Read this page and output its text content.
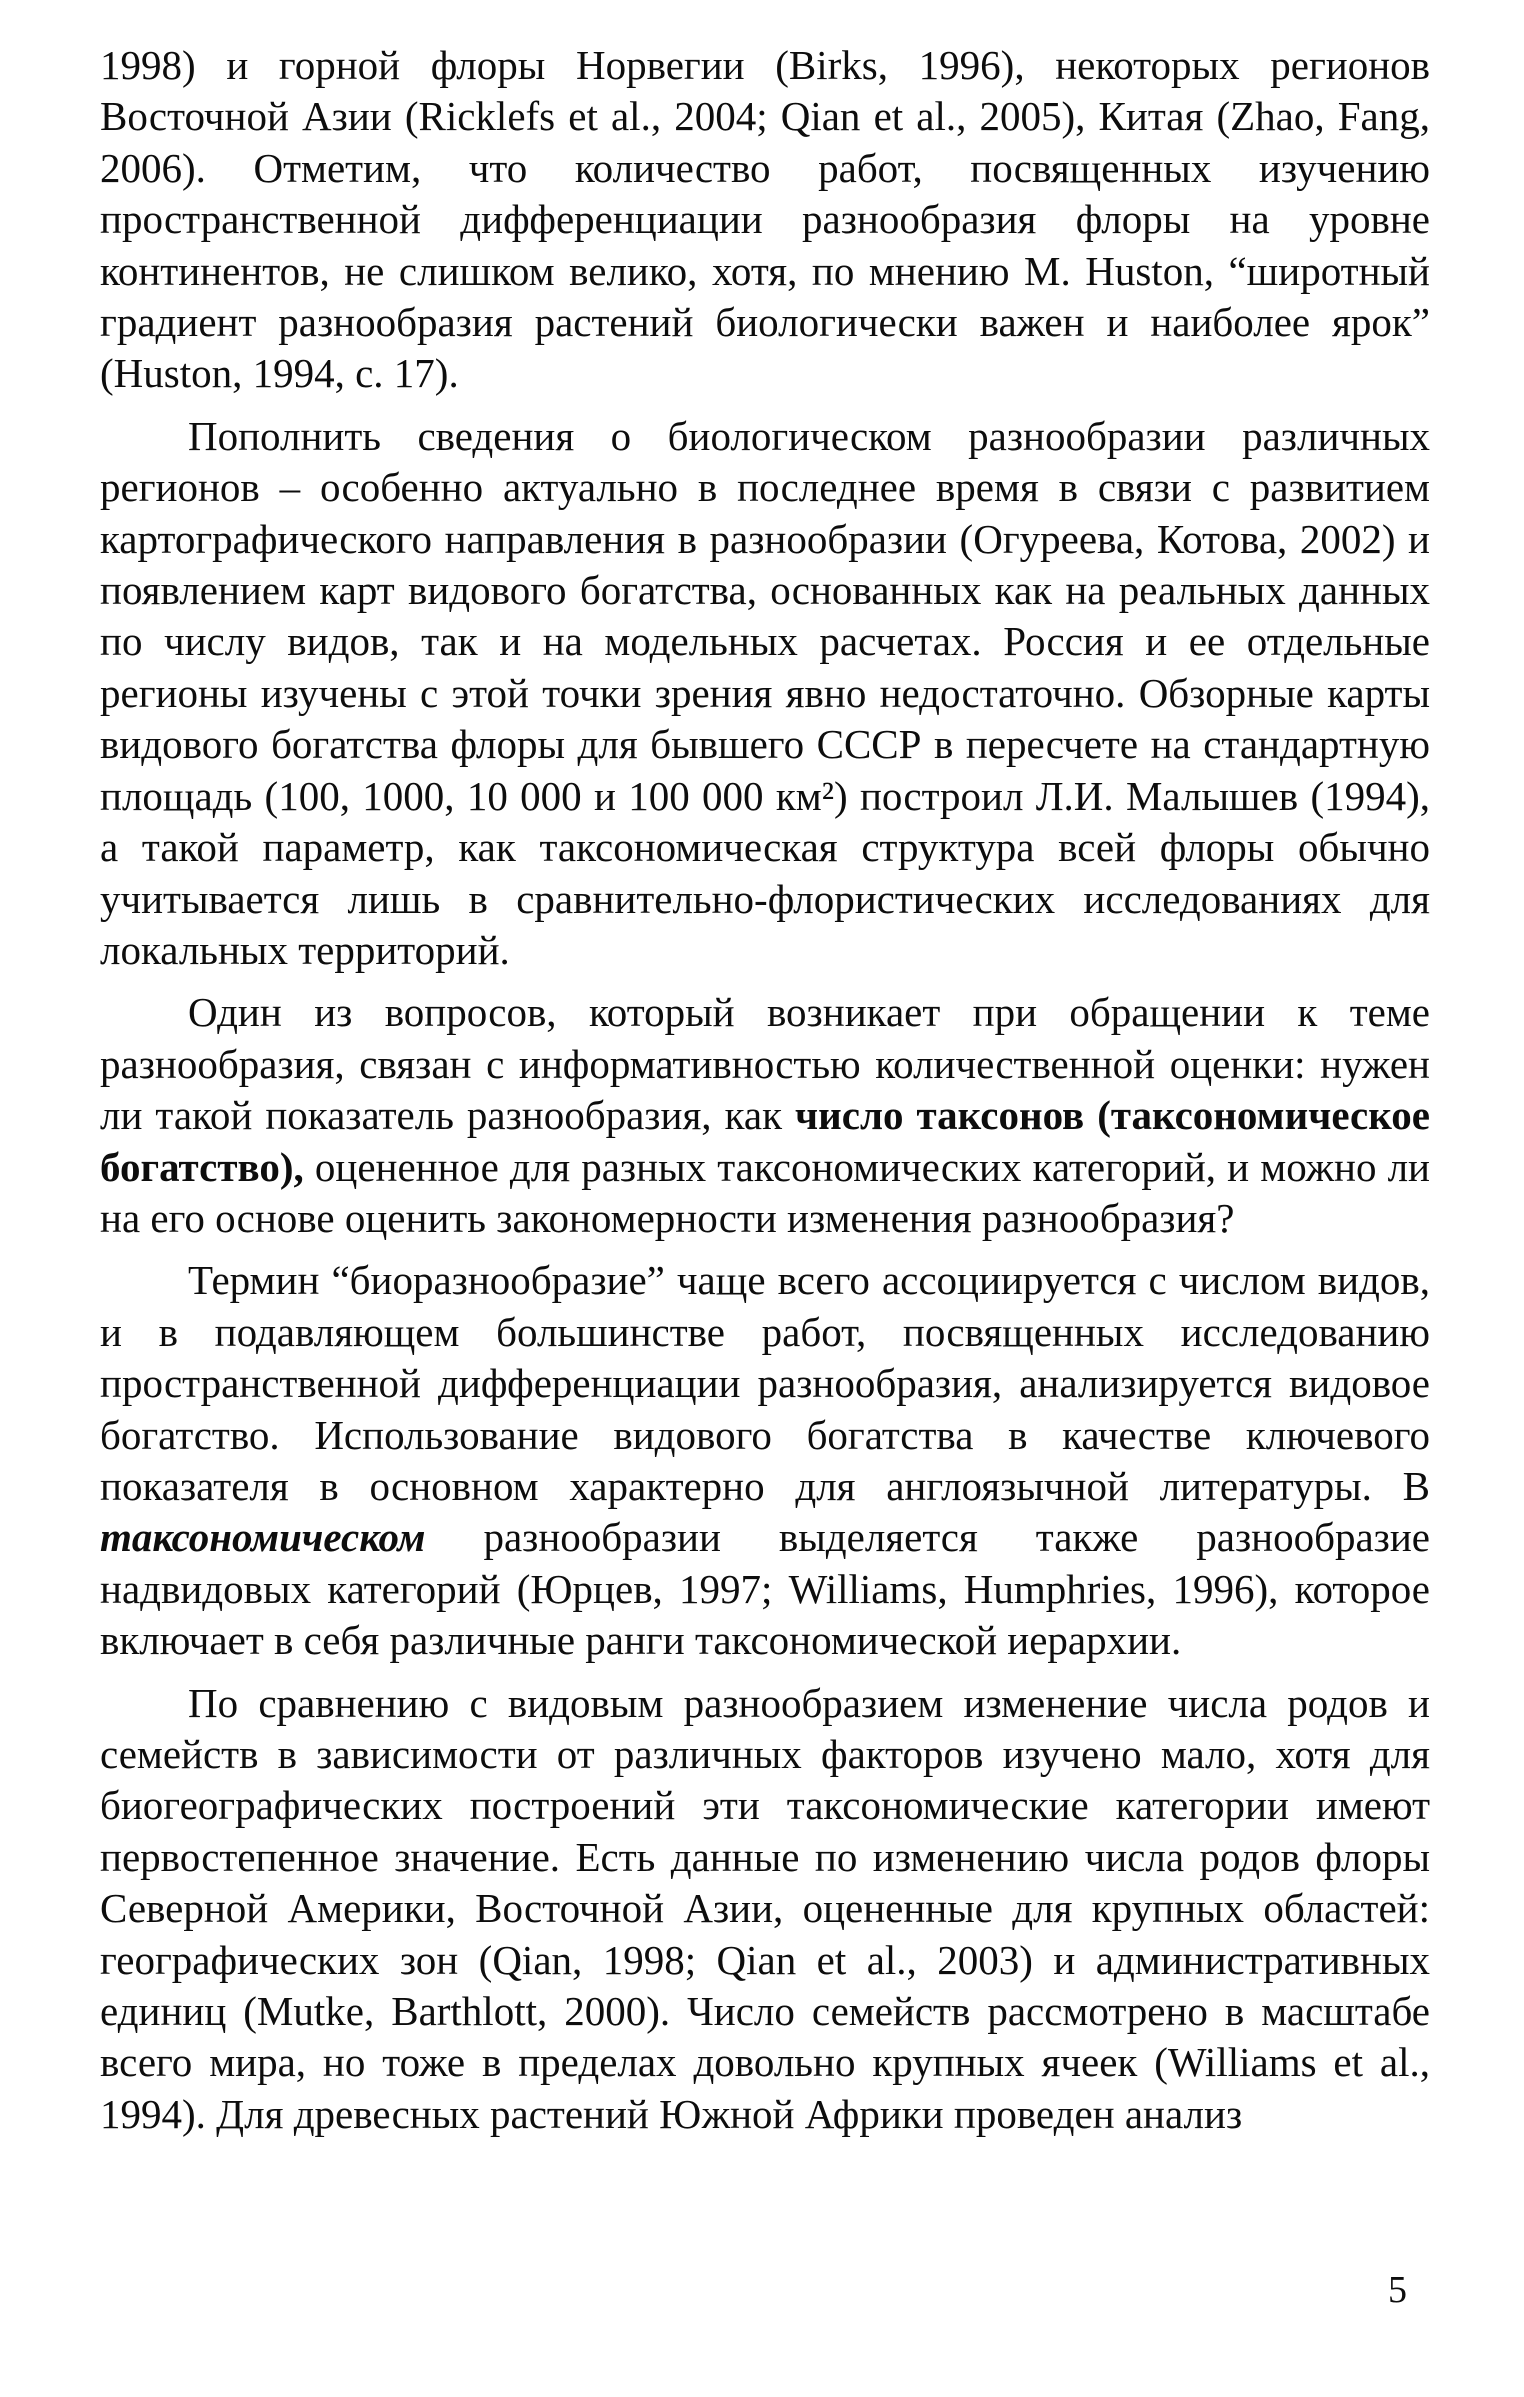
1998) и горной флоры Норвегии (Birks, 1996), некоторых регионов Восточной Азии (Ricklefs et al., 2004; Qian et al., 2005), Китая (Zhao, Fang, 2006). Отметим, что количество работ, посвященных изучению пространственной дифференциации разнообразия флоры на уровне континентов, не слишком велико, хотя, по мнению M. Huston, “широтный градиент разнообразия растений биологически важен и наиболее ярок” (Huston, 1994, с. 17).

Пополнить сведения о биологическом разнообразии различных регионов – особенно актуально в последнее время в связи с развитием картографического направления в разнообразии (Огуреева, Котова, 2002) и появлением карт видового богатства, основанных как на реальных данных по числу видов, так и на модельных расчетах. Россия и ее отдельные регионы изучены с этой точки зрения явно недостаточно. Обзорные карты видового богатства флоры для бывшего СССР в пересчете на стандартную площадь (100, 1000, 10 000 и 100 000 км²) построил Л.И. Малышев (1994), а такой параметр, как таксономическая структура всей флоры обычно учитывается лишь в сравнительно-флористических исследованиях для локальных территорий.

Один из вопросов, который возникает при обращении к теме разнообразия, связан с информативностью количественной оценки: нужен ли такой показатель разнообразия, как число таксонов (таксономическое богатство), оцененное для разных таксономических категорий, и можно ли на его основе оценить закономерности изменения разнообразия?

Термин “биоразнообразие” чаще всего ассоциируется с числом видов, и в подавляющем большинстве работ, посвященных исследованию пространственной дифференциации разнообразия, анализируется видовое богатство. Использование видового богатства в качестве ключевого показателя в основном характерно для англоязычной литературы. В таксономическом разнообразии выделяется также разнообразие надвидовых категорий (Юрцев, 1997; Williams, Humphries, 1996), которое включает в себя различные ранги таксономической иерархии.

По сравнению с видовым разнообразием изменение числа родов и семейств в зависимости от различных факторов изучено мало, хотя для биогеографических построений эти таксономические категории имеют первостепенное значение. Есть данные по изменению числа родов флоры Северной Америки, Восточной Азии, оцененные для крупных областей: географических зон (Qian, 1998; Qian et al., 2003) и административных единиц (Mutke, Barthlott, 2000). Число семейств рассмотрено в масштабе всего мира, но тоже в пределах довольно крупных ячеек (Williams et al., 1994). Для древесных растений Южной Африки проведен анализ

5
